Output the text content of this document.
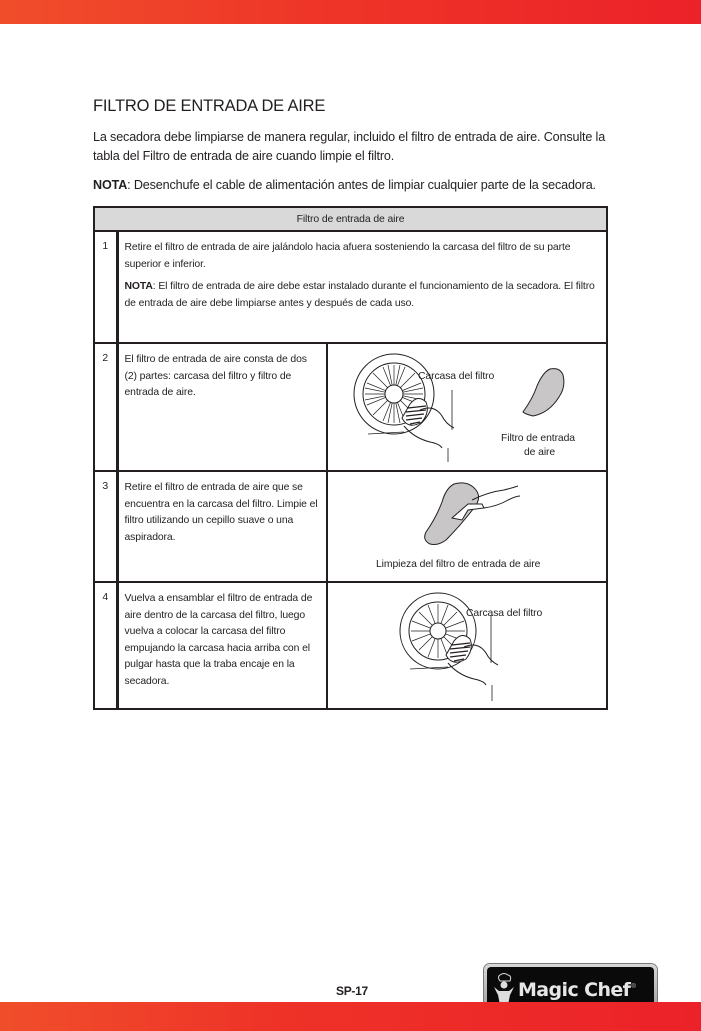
FILTRO DE ENTRADA DE AIRE

La secadora debe limpiarse de manera regular, incluido el filtro de entrada de aire. Consulte la tabla del Filtro de entrada de aire cuando limpie el filtro.

NOTA: Desenchufe el cable de alimentación antes de limpiar cualquier parte de la secadora.

Filtro de entrada de aire		
1	Retire el filtro de entrada de aire jalándolo hacia afuera sosteniendo la carcasa del filtro de su parte superior e inferior.

NOTA: El filtro de entrada de aire debe estar instalado durante el funcionamiento de la secadora. El filtro de entrada de aire debe limpiarse antes y después de cada uso.	

2	El filtro de entrada de aire consta de dos (2) partes: carcasa del filtro y filtro de entrada de aire.	Carcasa del filtro
Filtro de entrada
de aire

3	Retire el filtro de entrada de aire que se encuentra en la carcasa del filtro. Limpie el filtro utilizando un cepillo suave o una aspiradora.	Limpieza del filtro de entrada de aire

4	Vuelva a ensamblar el filtro de entrada de aire dentro de la carcasa del filtro, luego vuelva a colocar la carcasa del filtro empujando la carcasa hacia arriba con el pulgar hasta que la traba encaje en la secadora.	Carcasa del filtro
SP-17	Magic Chef ®
